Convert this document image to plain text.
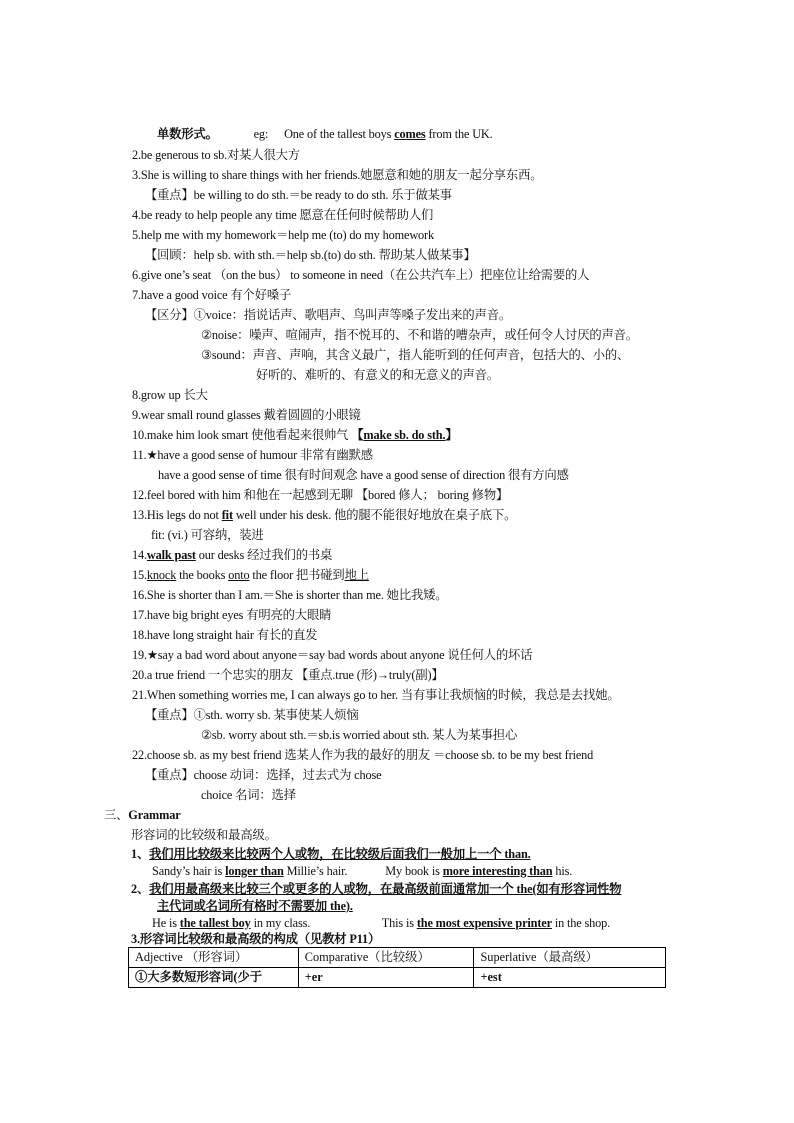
单数形式。	eg: One of the tallest boys comes from the UK.
2.be generous to sb.对某人很大方
3.She is willing to share things with her friends.她愿意和她的朋友一起分享东西。
【重点】be willing to do sth.＝be ready to do sth. 乐于做某事
4.be ready to help people any time 愿意在任何时候帮助人们
5.help me with my homework＝help me (to) do my homework
【回顾：help sb. with sth.＝help sb.(to) do sth. 帮助某人做某事】
6.give one’s seat （on the bus） to someone in need（在公共汽车上）把座位让给需要的人
7.have a good voice 有个好嗓子
【区分】①voice：指说话声、歌唱声、鸟叫声等嗓子发出来的声音。
②noise：噪声、喧闹声，指不悦耳的、不和谐的嘈杂声，或任何令人讨厌的声音。
③sound：声音、声响，其含义最广，指人能听到的任何声音，包括大的、小的、
好听的、难听的、有意义的和无意义的声音。
8.grow up 长大
9.wear small round glasses 戴着圆圆的小眼镜
10.make him look smart 使他看起来很帅气 【make sb. do sth.】
11.★have a good sense of humour 非常有幽默感
have a good sense of time 很有时间观念 have a good sense of direction 很有方向感
12.feel bored with him 和他在一起感到无聊 【bored 修人； boring 修物】
13.His legs do not fit well under his desk. 他的腿不能很好地放在桌子底下。
fit: (vi.) 可容纳，装进
14.walk past our desks 经过我们的书桌
15.knock the books onto the floor 把书碰到地上
16.She is shorter than I am.＝She is shorter than me. 她比我矮。
17.have big bright eyes 有明亮的大眼睛
18.have long straight hair 有长的直发
19.★say a bad word about anyone＝say bad words about anyone 说任何人的坏话
20.a true friend 一个忠实的朋友 【重点.true (形)→truly(副)】
21.When something worries me, I can always go to her. 当有事让我烦恼的时候，我总是去找她。
【重点】①sth. worry sb. 某事使某人烦恼
②sb. worry about sth.＝sb.is worried about sth. 某人为某事担心
22.choose sb. as my best friend 选某人作为我的最好的朋友 ＝choose sb. to be my best friend
【重点】choose 动词：选择，过去式为 chose
choice 名词：选择
三、Grammar
形容词的比较级和最高级。
1、我们用比较级来比较两个人或物，在比较级后面我们一般加上一个 than.
Sandy’s hair is longer than Millie’s hair.	My book is more interesting than his.
2、我们用最高级来比较三个或更多的人或物，在最高级前面通常加一个 the(如有形容词性物
主代词或名词所有格时不需要加 the).
He is the tallest boy in my class.	This is the most expensive printer in the shop.
3.形容词比较级和最高级的构成（见教材 P11）
Adjective （形容词）	Comparative（比较级）	Superlative（最高级）
①大多数短形容词(少于	+er	+est
